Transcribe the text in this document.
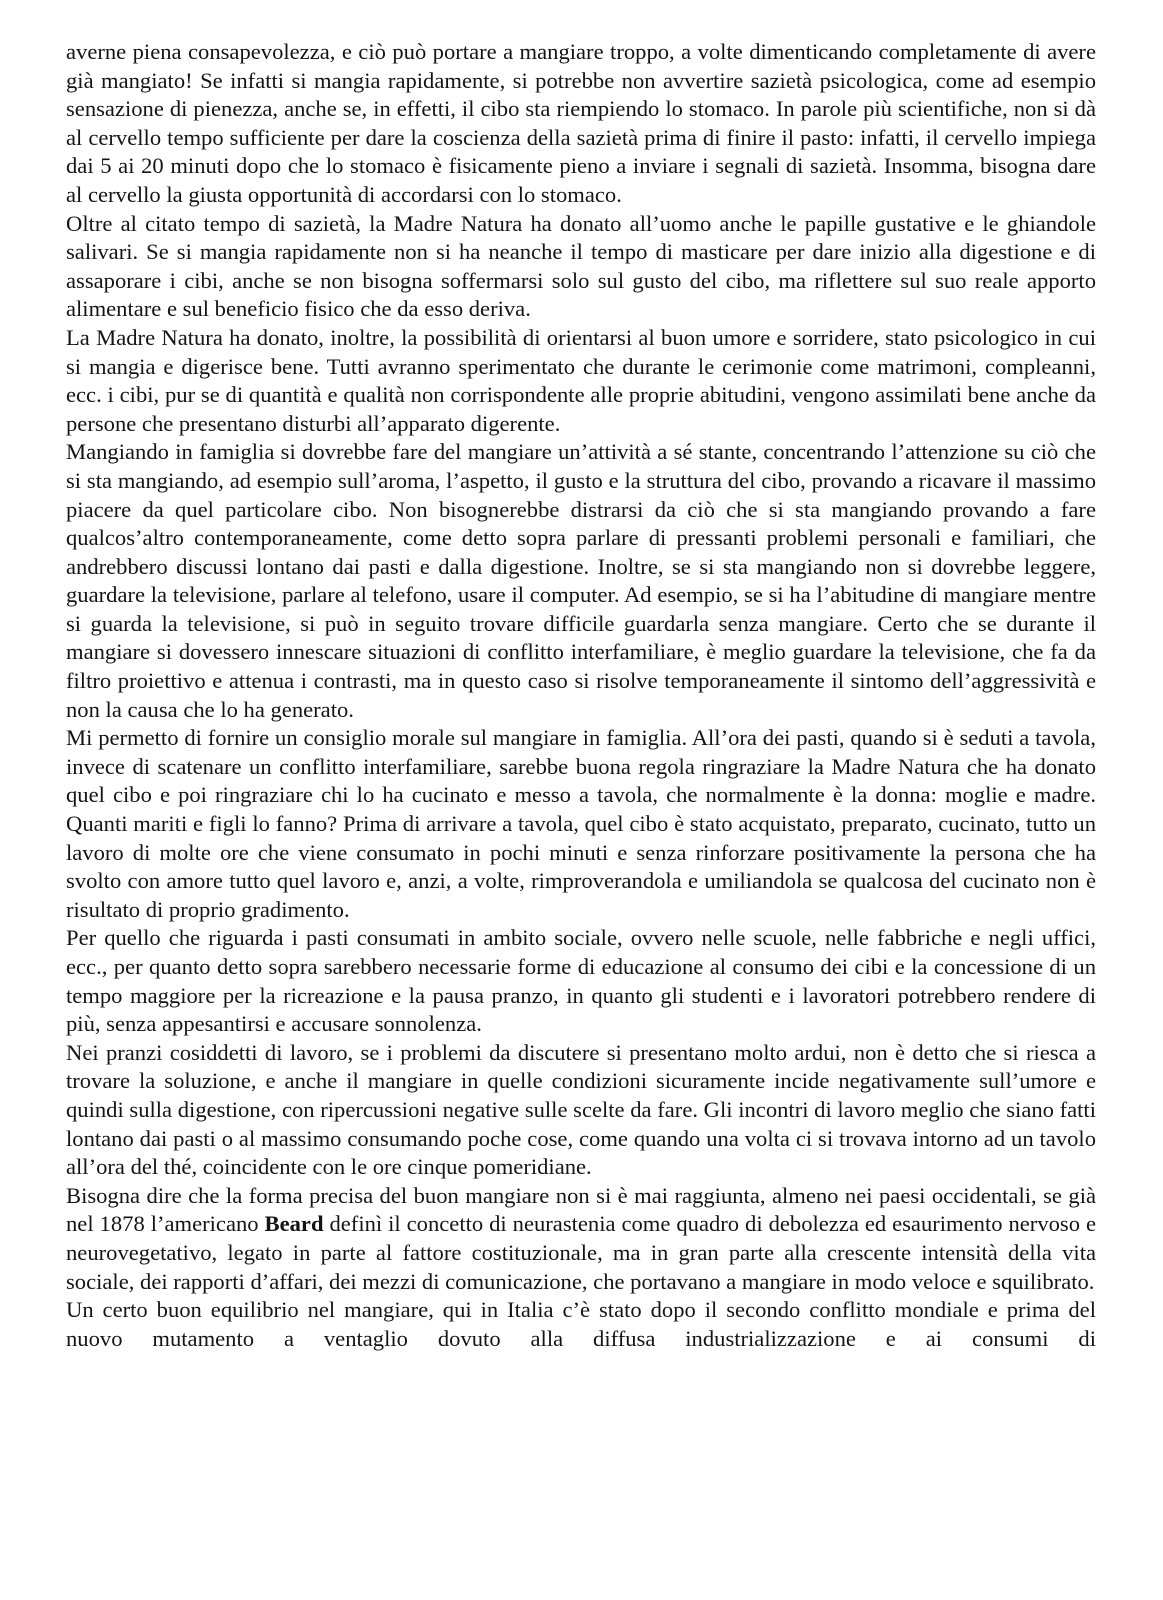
averne piena consapevolezza, e ciò può portare a mangiare troppo, a volte dimenticando completamente di avere già mangiato! Se infatti si mangia rapidamente, si potrebbe non avvertire sazietà psicologica, come ad esempio sensazione di pienezza, anche se, in effetti, il cibo sta riempiendo lo stomaco. In parole più scientifiche, non si dà al cervello tempo sufficiente per dare la coscienza della sazietà prima di finire il pasto: infatti, il cervello impiega dai 5 ai 20 minuti dopo che lo stomaco è fisicamente pieno a inviare i segnali di sazietà. Insomma, bisogna dare al cervello la giusta opportunità di accordarsi con lo stomaco.

Oltre al citato tempo di sazietà, la Madre Natura ha donato all’uomo anche le papille gustative e le ghiandole salivari. Se si mangia rapidamente non si ha neanche il tempo di masticare per dare inizio alla digestione e di assaporare i cibi, anche se non bisogna soffermarsi solo sul gusto del cibo, ma riflettere sul suo reale apporto alimentare e sul beneficio fisico che da esso deriva.

La Madre Natura ha donato, inoltre, la possibilità di orientarsi al buon umore e sorridere, stato psicologico in cui si mangia e digerisce bene. Tutti avranno sperimentato che durante le cerimonie come matrimoni, compleanni, ecc. i cibi, pur se di quantità e qualità non corrispondente alle proprie abitudini, vengono assimilati bene anche da persone che presentano disturbi all’apparato digerente.

Mangiando in famiglia si dovrebbe fare del mangiare un’attività a sé stante, concentrando l’attenzione su ciò che si sta mangiando, ad esempio sull’aroma, l’aspetto, il gusto e la struttura del cibo, provando a ricavare il massimo piacere da quel particolare cibo. Non bisognerebbe distrarsi da ciò che si sta mangiando provando a fare qualcos’altro contemporaneamente, come detto sopra parlare di pressanti problemi personali e familiari, che andrebbero discussi lontano dai pasti e dalla digestione. Inoltre, se si sta mangiando non si dovrebbe leggere, guardare la televisione, parlare al telefono, usare il computer. Ad esempio, se si ha l’abitudine di mangiare mentre si guarda la televisione, si può in seguito trovare difficile guardarla senza mangiare. Certo che se durante il mangiare si dovessero innescare situazioni di conflitto interfamiliare, è meglio guardare la televisione, che fa da filtro proiettivo e attenua i contrasti, ma in questo caso si risolve temporaneamente il sintomo dell’aggressività e non la causa che lo ha generato.

Mi permetto di fornire un consiglio morale sul mangiare in famiglia. All’ora dei pasti, quando si è seduti a tavola, invece di scatenare un conflitto interfamiliare, sarebbe buona regola ringraziare la Madre Natura che ha donato quel cibo e poi ringraziare chi lo ha cucinato e messo a tavola, che normalmente è la donna: moglie e madre. Quanti mariti e figli lo fanno? Prima di arrivare a tavola, quel cibo è stato acquistato, preparato, cucinato, tutto un lavoro di molte ore che viene consumato in pochi minuti e senza rinforzare positivamente la persona che ha svolto con amore tutto quel lavoro e, anzi, a volte, rimproverandola e umiliandola se qualcosa del cucinato non è risultato di proprio gradimento.

Per quello che riguarda i pasti consumati in ambito sociale, ovvero nelle scuole, nelle fabbriche e negli uffici, ecc., per quanto detto sopra sarebbero necessarie forme di educazione al consumo dei cibi e la concessione di un tempo maggiore per la ricreazione e la pausa pranzo, in quanto gli studenti e i lavoratori potrebbero rendere di più, senza appesantirsi e accusare sonnolenza.

Nei pranzi cosiddetti di lavoro, se i problemi da discutere si presentano molto ardui, non è detto che si riesca a trovare la soluzione, e anche il mangiare in quelle condizioni sicuramente incide negativamente sull’umore e quindi sulla digestione, con ripercussioni negative sulle scelte da fare. Gli incontri di lavoro meglio che siano fatti lontano dai pasti o al massimo consumando poche cose, come quando una volta ci si trovava intorno ad un tavolo all’ora del thé, coincidente con le ore cinque pomeridiane.

Bisogna dire che la forma precisa del buon mangiare non si è mai raggiunta, almeno nei paesi occidentali, se già nel 1878 l’americano Beard definì il concetto di neurastenia come quadro di debolezza ed esaurimento nervoso e neurovegetativo, legato in parte al fattore costituzionale, ma in gran parte alla crescente intensità della vita sociale, dei rapporti d’affari, dei mezzi di comunicazione, che portavano a mangiare in modo veloce e squilibrato.

Un certo buon equilibrio nel mangiare, qui in Italia c’è stato dopo il secondo conflitto mondiale e prima del nuovo mutamento a ventaglio dovuto alla diffusa industrializzazione e ai consumi di
